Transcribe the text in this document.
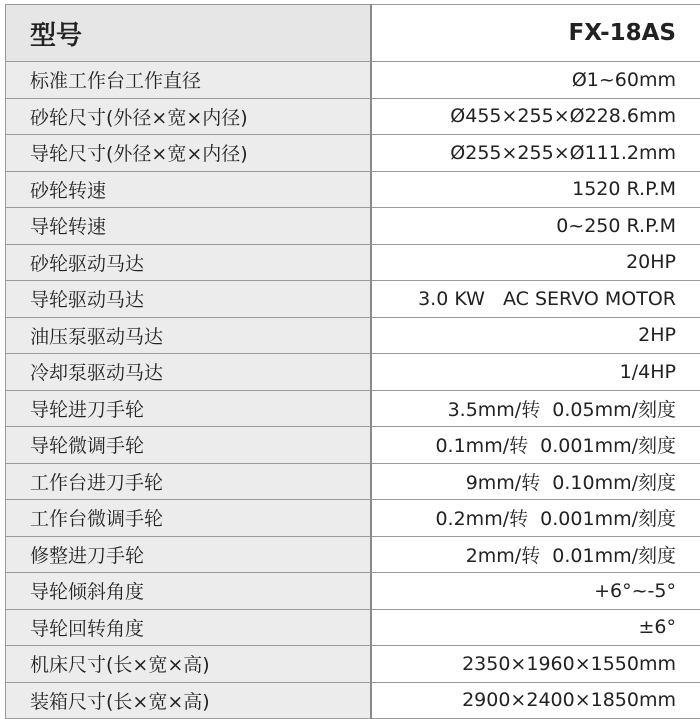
型号	FX-18AS
标准工作台工作直径	Ø1~60mm
砂轮尺寸(外径×宽×内径)	Ø455×255×Ø228.6mm
导轮尺寸(外径×宽×内径)	Ø255×255×Ø111.2mm
砂轮转速	1520 R.P.M
导轮转速	0~250 R.P.M
砂轮驱动马达	20HP
导轮驱动马达	3.0 KW   AC SERVO MOTOR
油压泵驱动马达	2HP
冷却泵驱动马达	1/4HP
导轮进刀手轮	3.5mm/转  0.05mm/刻度
导轮微调手轮	0.1mm/转  0.001mm/刻度
工作台进刀手轮	9mm/转  0.10mm/刻度
工作台微调手轮	0.2mm/转  0.001mm/刻度
修整进刀手轮	2mm/转  0.01mm/刻度
导轮倾斜角度	+6°~-5°
导轮回转角度	±6°
机床尺寸(长×宽×高)	2350×1960×1550mm
装箱尺寸(长×宽×高)	2900×2400×1850mm
